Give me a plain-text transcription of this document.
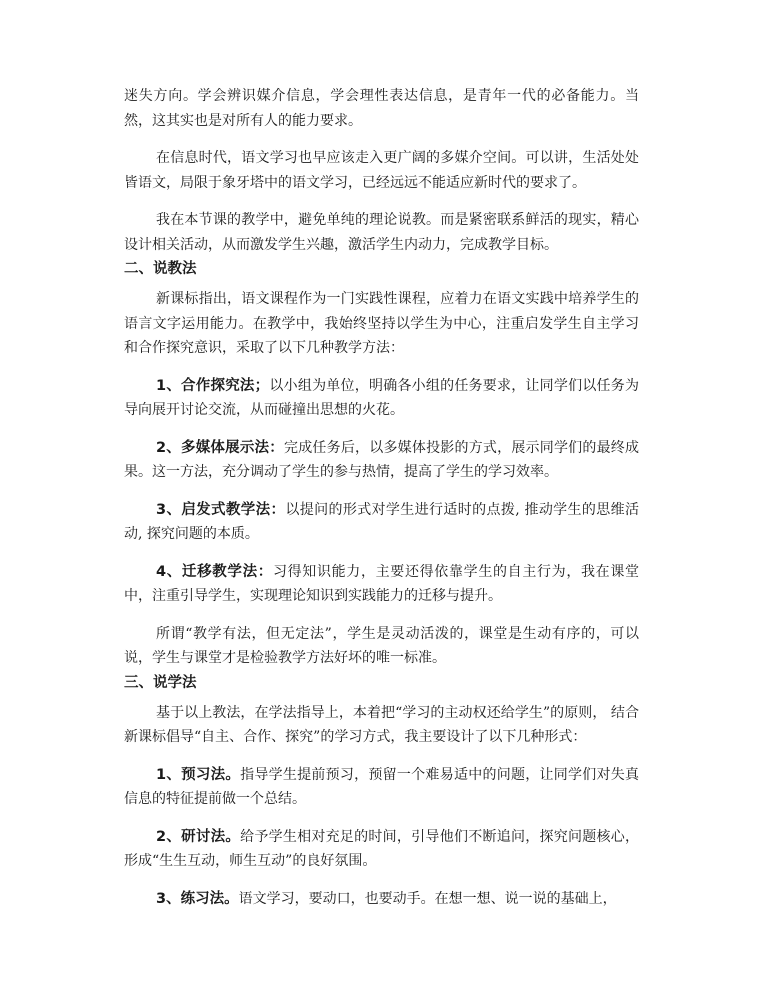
迷失方向。学会辨识媒介信息，学会理性表达信息，是青年一代的必备能力。当然，这其实也是对所有人的能力要求。

在信息时代，语文学习也早应该走入更广阔的多媒介空间。可以讲，生活处处皆语文，局限于象牙塔中的语文学习，已经远远不能适应新时代的要求了。

我在本节课的教学中，避免单纯的理论说教。而是紧密联系鲜活的现实，精心设计相关活动，从而激发学生兴趣，激活学生内动力，完成教学目标。

二、说教法

新课标指出，语文课程作为一门实践性课程，应着力在语文实践中培养学生的语言文字运用能力。在教学中，我始终坚持以学生为中心，注重启发学生自主学习和合作探究意识，采取了以下几种教学方法：

1、合作探究法；以小组为单位，明确各小组的任务要求，让同学们以任务为导向展开讨论交流，从而碰撞出思想的火花。

2、多媒体展示法：完成任务后，以多媒体投影的方式，展示同学们的最终成果。这一方法，充分调动了学生的参与热情，提高了学生的学习效率。

3、启发式教学法：以提问的形式对学生进行适时的点拨, 推动学生的思维活动, 探究问题的本质。

4、迁移教学法：习得知识能力，主要还得依靠学生的自主行为，我在课堂中，注重引导学生，实现理论知识到实践能力的迁移与提升。

所谓“教学有法，但无定法”，学生是灵动活泼的，课堂是生动有序的，可以说，学生与课堂才是检验教学方法好坏的唯一标准。

三、说学法

基于以上教法，在学法指导上，本着把“学习的主动权还给学生”的原则， 结合新课标倡导“自主、合作、探究”的学习方式，我主要设计了以下几种形式：

1、预习法。指导学生提前预习，预留一个难易适中的问题，让同学们对失真信息的特征提前做一个总结。

2、研讨法。给予学生相对充足的时间，引导他们不断追问，探究问题核心，形成“生生互动，师生互动”的良好氛围。

3、练习法。语文学习，要动口，也要动手。在想一想、说一说的基础上，
